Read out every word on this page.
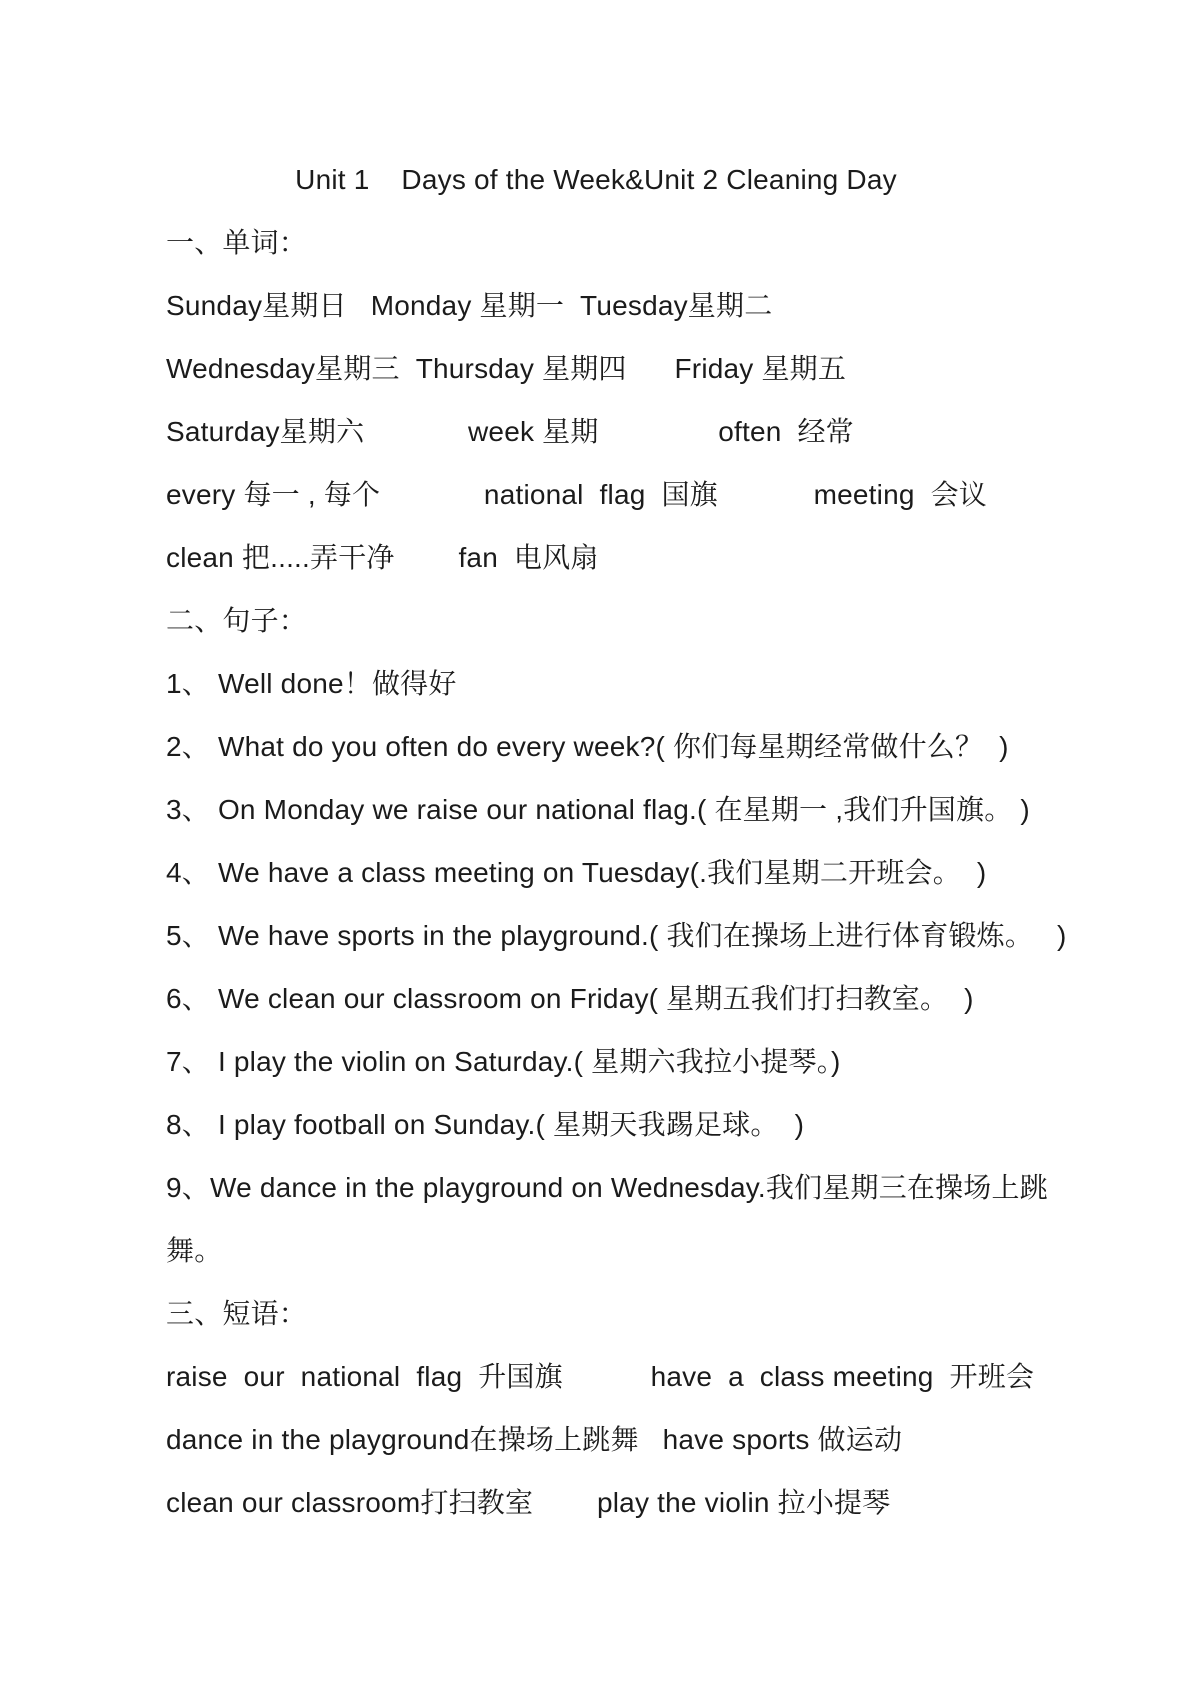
Unit 1    Days of the Week&Unit 2 Cleaning Day

一、单词：

Sunday星期日   Monday 星期一  Tuesday星期二

Wednesday星期三  Thursday 星期四      Friday 星期五

Saturday星期六             week 星期               often  经常

every 每一 , 每个             national  flag  国旗            meeting  会议

clean 把.....弄干净        fan  电风扇

二、句子：

1、 Well done！做得好

2、 What do you often do every week?( 你们每星期经常做什么？  )

3、 On Monday we raise our national flag.( 在星期一 ,我们升国旗。 )

4、 We have a class meeting on Tuesday(.我们星期二开班会。  )

5、 We have sports in the playground.( 我们在操场上进行体育锻炼。   )

6、 We clean our classroom on Friday( 星期五我们打扫教室。  )

7、 I play the violin on Saturday.( 星期六我拉小提琴。)

8、 I play football on Sunday.( 星期天我踢足球。  )

9、We dance in the playground on Wednesday.我们星期三在操场上跳

舞。

三、短语：

raise  our  national  flag  升国旗           have  a  class meeting  开班会

dance in the playground在操场上跳舞   have sports 做运动

clean our classroom打扫教室        play the violin 拉小提琴
